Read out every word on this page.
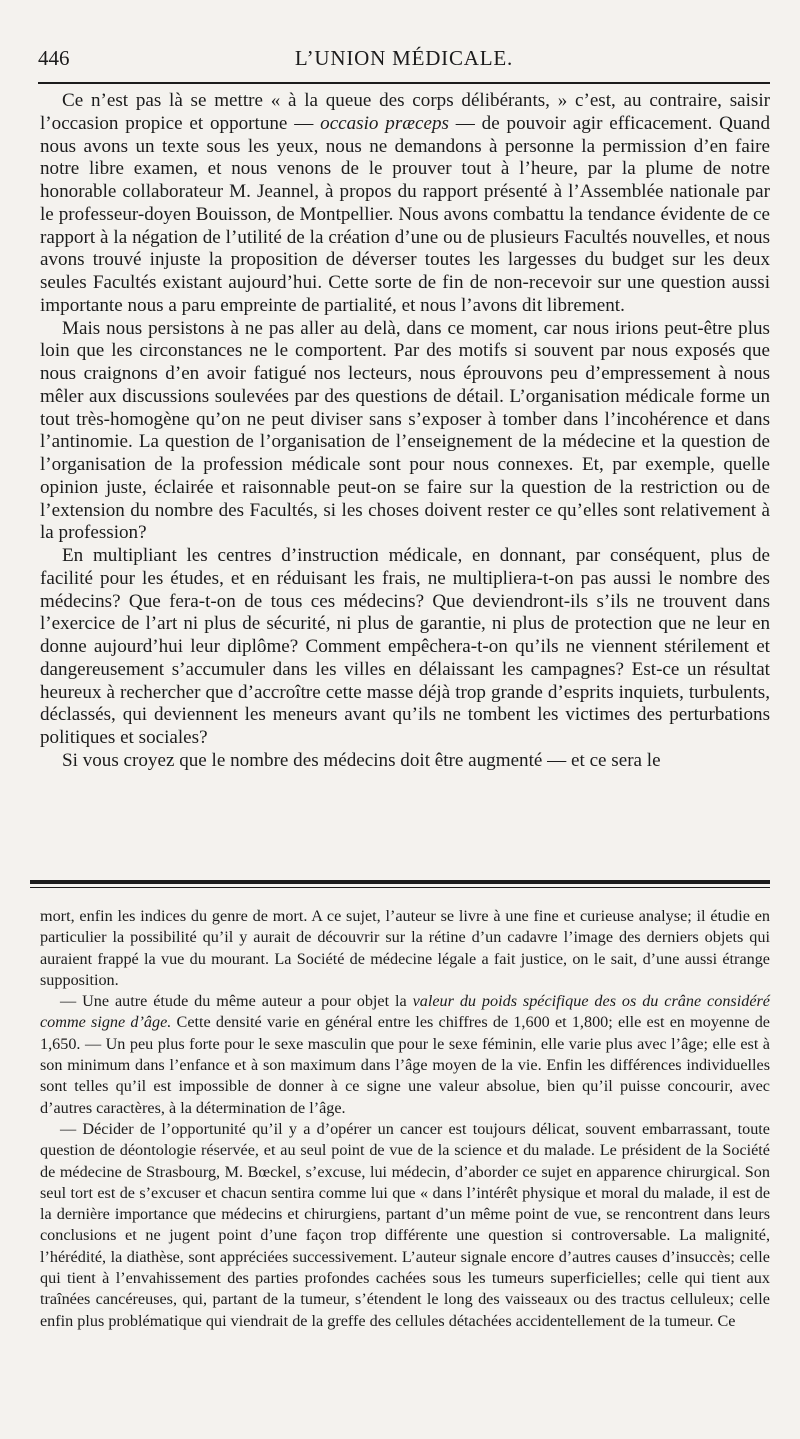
446	L’UNION MÉDICALE.

Ce n’est pas là se mettre « à la queue des corps délibérants, » c’est, au contraire, saisir l’occasion propice et opportune — occasio præceps — de pouvoir agir efficacement. Quand nous avons un texte sous les yeux, nous ne demandons à personne la permission d’en faire notre libre examen, et nous venons de le prouver tout à l’heure, par la plume de notre honorable collaborateur M. Jeannel, à propos du rapport présenté à l’Assemblée nationale par le professeur-doyen Bouisson, de Montpellier. Nous avons combattu la tendance évidente de ce rapport à la négation de l’utilité de la création d’une ou de plusieurs Facultés nouvelles, et nous avons trouvé injuste la proposition de déverser toutes les largesses du budget sur les deux seules Facultés existant aujourd’hui. Cette sorte de fin de non-recevoir sur une question aussi importante nous a paru empreinte de partialité, et nous l’avons dit librement.

Mais nous persistons à ne pas aller au delà, dans ce moment, car nous irions peut-être plus loin que les circonstances ne le comportent. Par des motifs si souvent par nous exposés que nous craignons d’en avoir fatigué nos lecteurs, nous éprouvons peu d’empressement à nous mêler aux discussions soulevées par des questions de détail. L’organisation médicale forme un tout très-homogène qu’on ne peut diviser sans s’exposer à tomber dans l’incohérence et dans l’antinomie. La question de l’organisation de l’enseignement de la médecine et la question de l’organisation de la profession médicale sont pour nous connexes. Et, par exemple, quelle opinion juste, éclairée et raisonnable peut-on se faire sur la question de la restriction ou de l’extension du nombre des Facultés, si les choses doivent rester ce qu’elles sont relativement à la profession?

En multipliant les centres d’instruction médicale, en donnant, par conséquent, plus de facilité pour les études, et en réduisant les frais, ne multipliera-t-on pas aussi le nombre des médecins? Que fera-t-on de tous ces médecins? Que deviendront-ils s’ils ne trouvent dans l’exercice de l’art ni plus de sécurité, ni plus de garantie, ni plus de protection que ne leur en donne aujourd’hui leur diplôme? Comment empêchera-t-on qu’ils ne viennent stérilement et dangereusement s’accumuler dans les villes en délaissant les campagnes? Est-ce un résultat heureux à rechercher que d’accroître cette masse déjà trop grande d’esprits inquiets, turbulents, déclassés, qui deviennent les meneurs avant qu’ils ne tombent les victimes des perturbations politiques et sociales?

Si vous croyez que le nombre des médecins doit être augmenté — et ce sera le

mort, enfin les indices du genre de mort. A ce sujet, l’auteur se livre à une fine et curieuse analyse; il étudie en particulier la possibilité qu’il y aurait de découvrir sur la rétine d’un cadavre l’image des derniers objets qui auraient frappé la vue du mourant. La Société de médecine légale a fait justice, on le sait, d’une aussi étrange supposition.

— Une autre étude du même auteur a pour objet la valeur du poids spécifique des os du crâne considéré comme signe d’âge. Cette densité varie en général entre les chiffres de 1,600 et 1,800; elle est en moyenne de 1,650. — Un peu plus forte pour le sexe masculin que pour le sexe féminin, elle varie plus avec l’âge; elle est à son minimum dans l’enfance et à son maximum dans l’âge moyen de la vie. Enfin les différences individuelles sont telles qu’il est impossible de donner à ce signe une valeur absolue, bien qu’il puisse concourir, avec d’autres caractères, à la détermination de l’âge.

— Décider de l’opportunité qu’il y a d’opérer un cancer est toujours délicat, souvent embarrassant, toute question de déontologie réservée, et au seul point de vue de la science et du malade. Le président de la Société de médecine de Strasbourg, M. Bœckel, s’excuse, lui médecin, d’aborder ce sujet en apparence chirurgical. Son seul tort est de s’excuser et chacun sentira comme lui que « dans l’intérêt physique et moral du malade, il est de la dernière importance que médecins et chirurgiens, partant d’un même point de vue, se rencontrent dans leurs conclusions et ne jugent point d’une façon trop différente une question si controversable. La malignité, l’hérédité, la diathèse, sont appréciées successivement. L’auteur signale encore d’autres causes d’insuccès; celle qui tient à l’envahissement des parties profondes cachées sous les tumeurs superficielles; celle qui tient aux traînées cancéreuses, qui, partant de la tumeur, s’étendent le long des vaisseaux ou des tractus celluleux; celle enfin plus problématique qui viendrait de la greffe des cellules détachées accidentellement de la tumeur. Ce
